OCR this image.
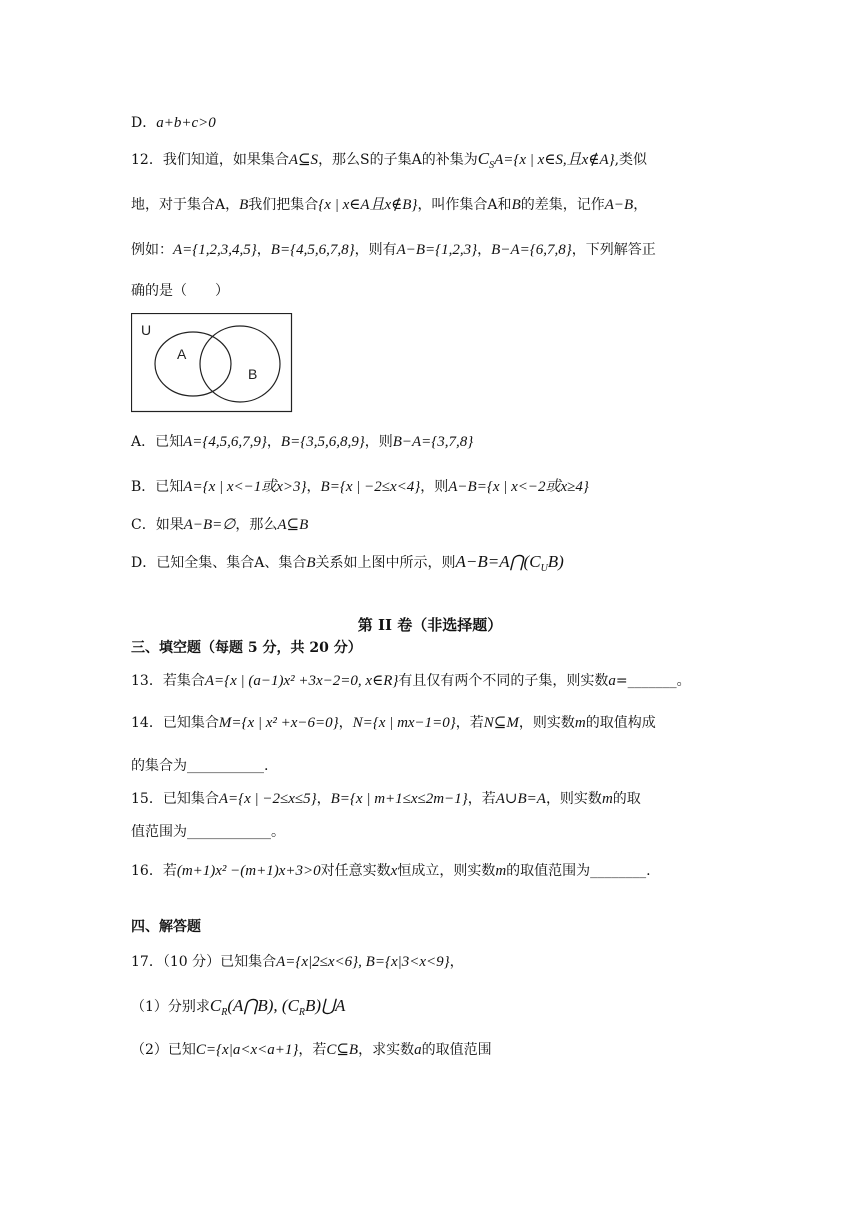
D．a+b+c>0
12．我们知道，如果集合A⊆S，那么S的子集A的补集为$C_SA=\{x$ | x∈S,且x∉A},类似
地，对于集合A，B我们把集合{x | x∈A且x∉B}，叫作集合A和B的差集，记作A−B，
例如：A={1,2,3,4,5}，B={4,5,6,7,8}，则有A−B={1,2,3}，B−A={6,7,8}，下列解答正
确的是（　　）
U
A
B
A．已知A={4,5,6,7,9}，B={3,5,6,8,9}，则B−A={3,7,8}
B．已知A={x | x<−1或x>3}，B={x | −2≤x<4}，则A−B={x | x<−2或x≥4}
C．如果A−B=∅，那么A⊆B
D．已知全集、集合A、集合B关系如上图中所示，则$A-B=A⋂(C_UB)$
第 II 卷（非选择题）
三、填空题（每题 5 分，共 20 分）
13．若集合A={x | (a−1)x² +3x−2=0, x∈R}有且仅有两个不同的子集，则实数a=_______。
14．已知集合M={x | x² +x−6=0}，N={x | mx−1=0}，若N⊆M，则实数m的取值构成
的集合为___________.
15．已知集合A={x | −2≤x≤5}，B={x | m+1≤x≤2m−1}，若A∪B=A，则实数m的取
值范围为____________。
16．若(m+1)x² −(m+1)x+3>0对任意实数x恒成立，则实数m的取值范围为________.
四、解答题
17．（10 分）已知集合A={x|2≤x<6}, B={x|3<x<9}，
（1）分别求$C_R(A⋂B)$, $(C_RB)⋃A$
（2）已知C={x|a<x<a+1}，若C⊆B，求实数a的取值范围
